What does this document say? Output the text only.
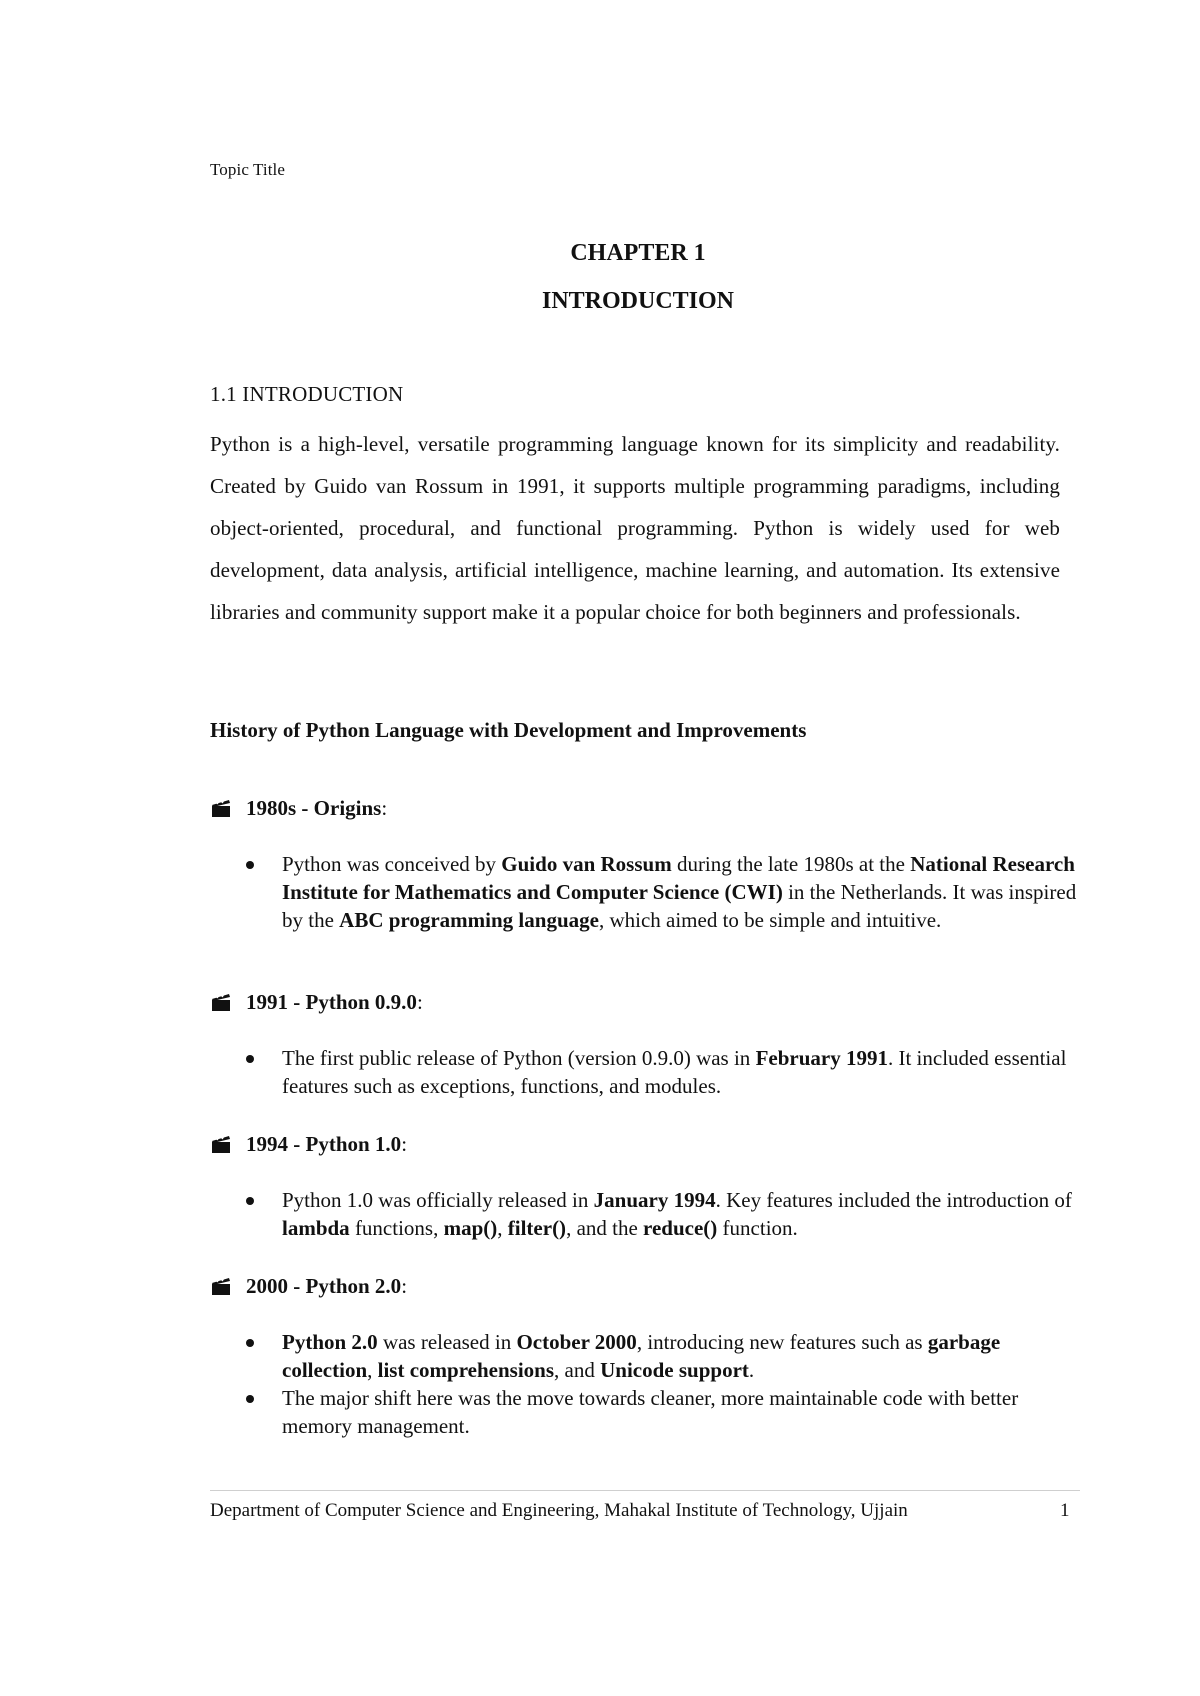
Topic Title
CHAPTER 1
INTRODUCTION
1.1 INTRODUCTION

Python is a high-level, versatile programming language known for its simplicity and readability. Created by Guido van Rossum in 1991, it supports multiple programming paradigms, including object-oriented, procedural, and functional programming. Python is widely used for web development, data analysis, artificial intelligence, machine learning, and automation. Its extensive libraries and community support make it a popular choice for both beginners and professionals.

History of Python Language with Development and Improvements
1980s - Origins :
Python was conceived by Guido van Rossum during the late 1980s at the National Research Institute for Mathematics and Computer Science (CWI) in the Netherlands. It was inspired by the ABC programming language, which aimed to be simple and intuitive.
1991 - Python 0.9.0 :
The first public release of Python (version 0.9.0) was in February 1991. It included essential features such as exceptions, functions, and modules.
1994 - Python 1.0 :
Python 1.0 was officially released in January 1994. Key features included the introduction of lambda functions, map(), filter(), and the reduce() function.
2000 - Python 2.0 :
Python 2.0 was released in October 2000, introducing new features such as garbage collection, list comprehensions, and Unicode support.
The major shift here was the move towards cleaner, more maintainable code with better memory management.
Department of Computer Science and Engineering, Mahakal Institute of Technology, Ujjain	1
